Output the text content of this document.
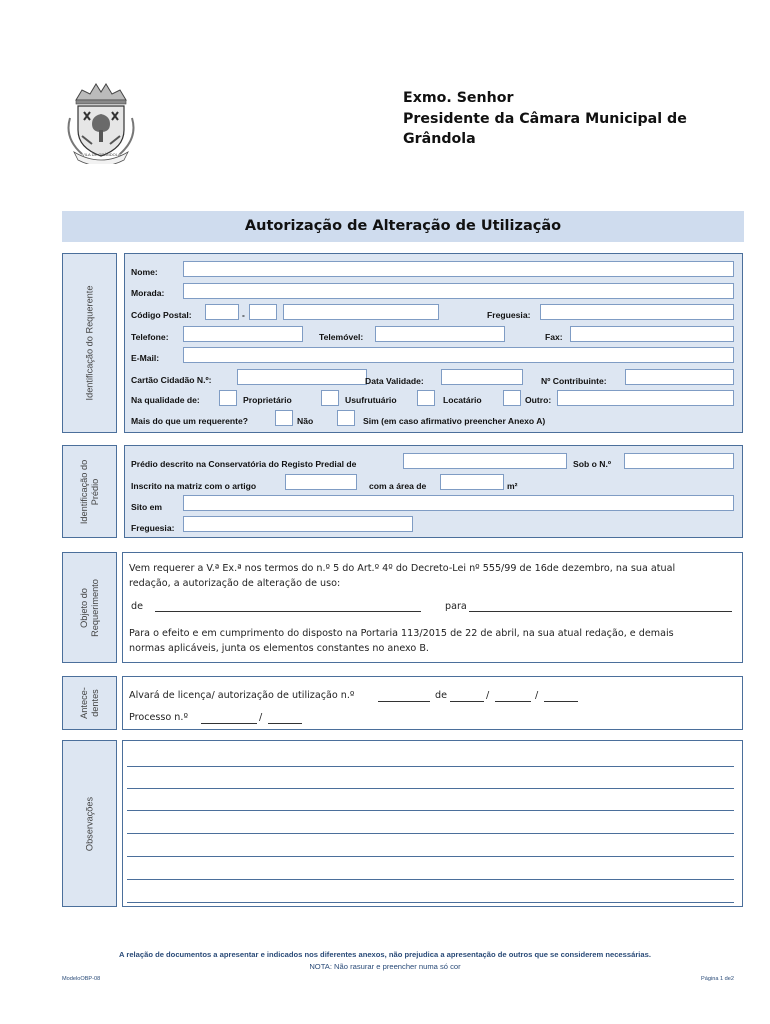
VILA DE GRÂNDOLA
Exmo. Senhor
Presidente da Câmara Municipal de
Grândola
Autorização de Alteração de Utilização
Identificação do Requerente
Nome:
Morada:
Código Postal:	-	Freguesia:
Telefone:	Telemóvel:	Fax:
E-Mail:
Cartão Cidadão N.º:	Data Validade:	Nº Contribuinte:
Na qualidade de:	Proprietário	Usufrutuário	Locatário	Outro:
Mais do que um requerente?	Não	Sim (em caso afirmativo preencher Anexo A)
Identificação do Prédio
Prédio descrito na Conservatória do Registo Predial de	Sob o N.º
Inscrito na matriz com o artigo	com a área de	m²
Sito em
Freguesia:
Objeto do Requerimento
Vem requerer a V.ª Ex.ª nos termos do n.º 5 do Art.º 4º do Decreto-Lei nº 555/99 de 16de dezembro, na sua atual
redação, a autorização de alteração de uso:
de	para
Para o efeito e em cumprimento do disposto na Portaria 113/2015 de 22 de abril, na sua atual redação, e demais
normas aplicáveis, junta os elementos constantes no anexo B.
Antece- dentes	Alvará de licença/ autorização de utilização n.º	de	/	/
Processo n.º	/
Observações
A relação de documentos a apresentar e indicados nos diferentes anexos, não prejudica a apresentação de outros que se considerem necessárias.
NOTA: Não rasurar e preencher numa só cor
ModeloOBP-08	Página 1 de2
